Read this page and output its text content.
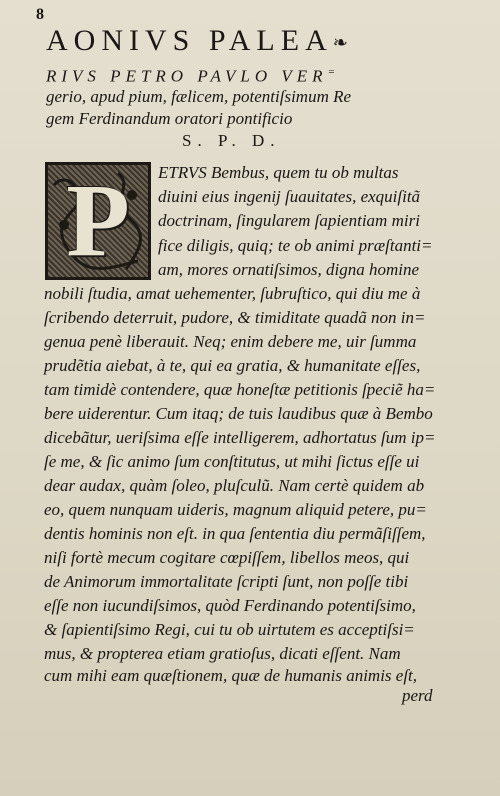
8
AONIVS PALEA❧
RIVS PETRO PAVLO VER=
gerio, apud pium, fælicem, potentiſsimum Re
gem Ferdinandum oratori pontificio
S. P. D.
P ETRVS Bembus, quem tu ob multas
diuini eius ingenij ſuauitates, exquiſitã
doctrinam, ſingularem ſapientiam miri
fice diligis, quiq; te ob animi præſtanti=
am, mores ornatiſsimos, digna homine
nobili ſtudia, amat uehementer, ſubruſtico, qui diu me à
ſcribendo deterruit, pudore, & timiditate quadã non in=
genua penè liberauit. Neq; enim debere me, uir ſumma
prudẽtia aiebat, à te, qui ea gratia, & humanitate eſſes,
tam timidè contendere, quæ honeſtæ petitionis ſpeciẽ ha=
bere uiderentur. Cum itaq; de tuis laudibus quæ à Bembo
dicebãtur, ueriſsima eſſe intelligerem, adhortatus ſum ip=
ſe me, & ſic animo ſum conſtitutus, ut mihi ſictus eſſe ui
dear audax, quàm ſoleo, pluſculũ. Nam certè quidem ab
eo, quem nunquam uideris, magnum aliquid petere, pu=
dentis hominis non eſt. in qua ſententia diu permãſiſſem,
niſi fortè mecum cogitare cœpiſſem, libellos meos, qui
de Animorum immortalitate ſcripti ſunt, non poſſe tibi
eſſe non iucundiſsimos, quòd Ferdinando potentiſsimo,
& ſapientiſsimo Regi, cui tu ob uirtutem es acceptiſsi=
mus, & propterea etiam gratioſus, dicati eſſent. Nam
cum mihi eam quæſtionem, quæ de humanis animis eſt,
perd
